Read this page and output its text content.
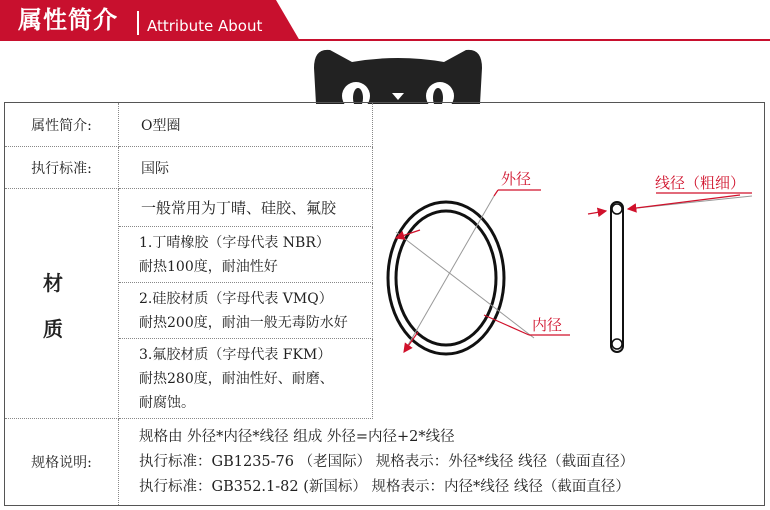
属性简介 Attribute About
属性简介:	O型圈
执行标准:	国际
材
质
一般常用为丁晴、硅胶、氟胶
1.丁晴橡胶（字母代表 NBR）
耐热100度，耐油性好
2.硅胶材质（字母代表 VMQ）
耐热200度，耐油一般无毒防水好
3.氟胶材质（字母代表 FKM）
耐热280度，耐油性好、耐磨、
耐腐蚀。
规格说明:
规格由 外径*内径*线径 组成 外径=内径+2*线径
执行标准：GB1235-76 （老国际） 规格表示：外径*线径 线径（截面直径）
执行标准：GB352.1-82 (新国标） 规格表示：内径*线径 线径（截面直径）
外径
内径
线径（粗细）
